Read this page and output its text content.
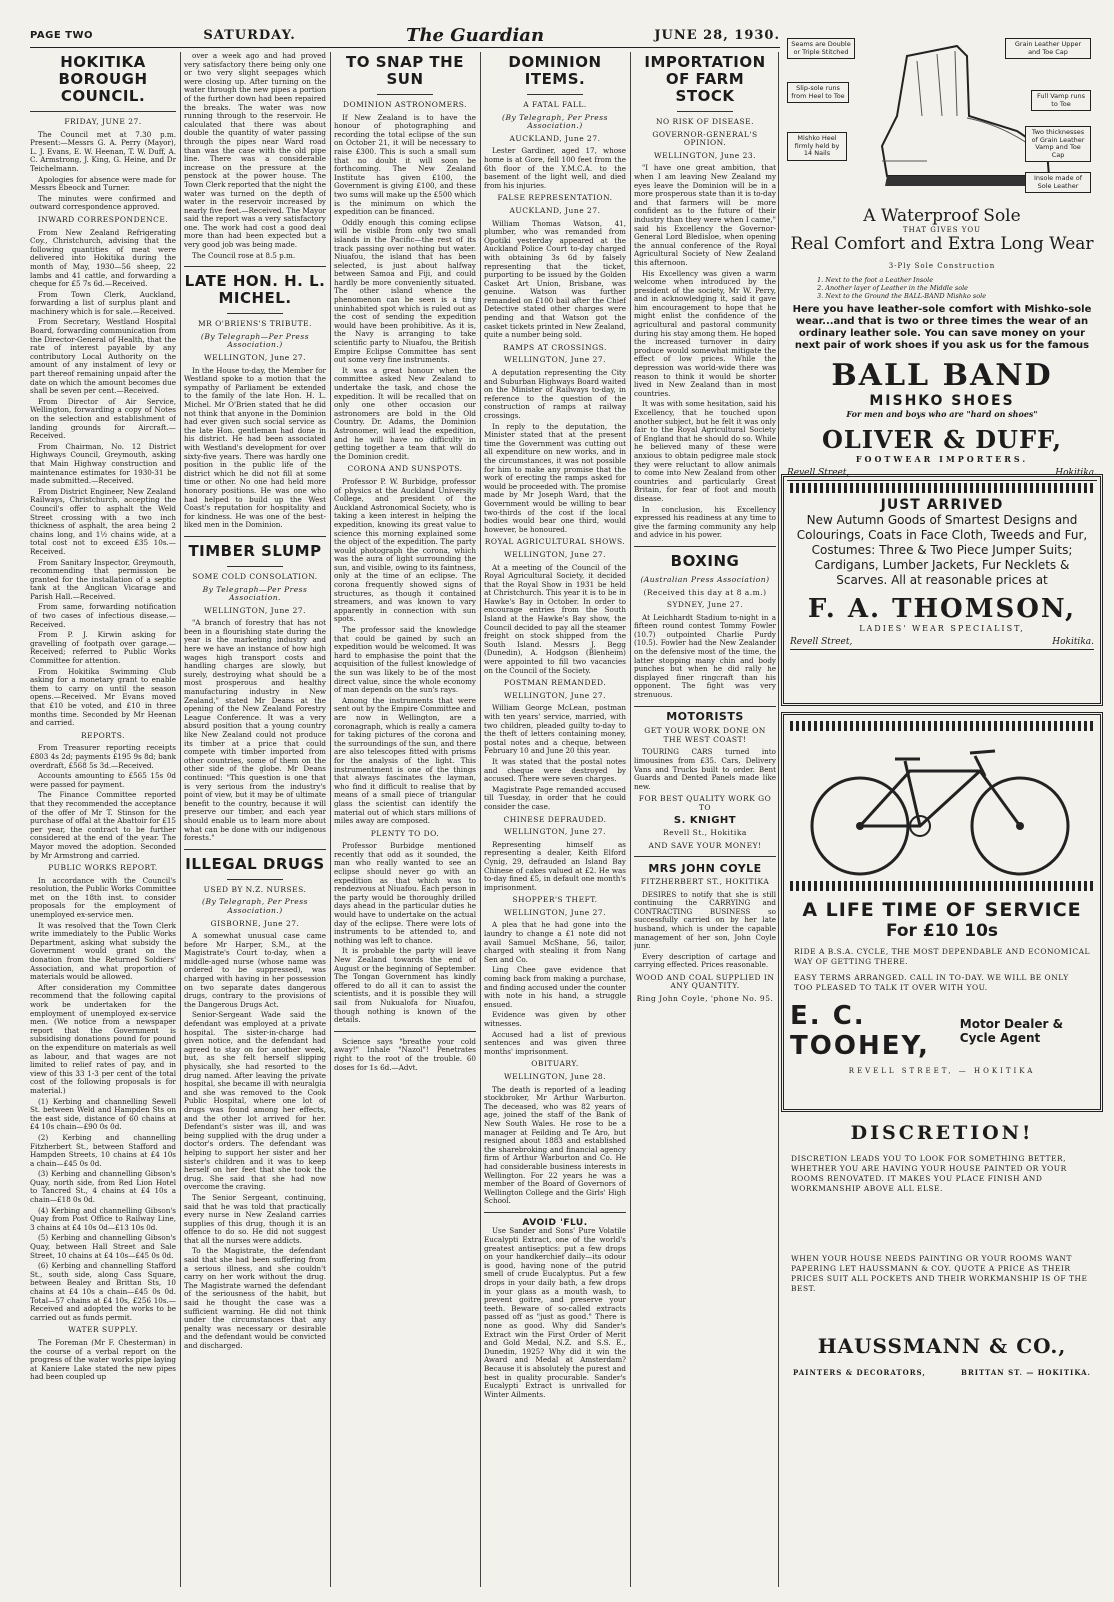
PAGE TWO	SATURDAY.	The Guardian	JUNE 28, 1930.
HOKITIKA BOROUGH COUNCIL.
FRIDAY, JUNE 27.

The Council met at 7.30 p.m. Present:—Messrs G. A. Perry (Mayor), L. J. Evans, E. W. Heenan, T. W. Duff, A. C. Armstrong, J. King, G. Heine, and Dr Teichelmann.

Apologies for absence were made for Messrs Ebeock and Turner.

The minutes were confirmed and outward correspondence approved.

INWARD CORRESPONDENCE.

From New Zealand Refrigerating Coy., Christchurch, advising that the following quantities of meat were delivered into Hokitika during the month of May, 1930—56 sheep, 22 lambs and 41 cattle, and forwarding a cheque for £5 7s 6d.—Received.

From Town Clerk, Auckland, forwarding a list of surplus plant and machinery which is for sale.—Received.

From Secretary, Westland Hospital Board, forwarding communication from the Director-General of Health, that the rate of interest payable by any contributory Local Authority on the amount of any instalment of levy or part thereof remaining unpaid after the date on which the amount becomes due shall be seven per cent.—Received.

From Director of Air Service, Wellington, forwarding a copy of Notes on the selection and establishment of landing grounds for Aircraft.—Received.

From Chairman, No. 12 District Highways Council, Greymouth, asking that Main Highway construction and maintenance estimates for 1930-31 be made submitted.—Received.

From District Engineer, New Zealand Railways, Christchurch, accepting the Council's offer to asphalt the Weld Street crossing with a two inch thickness of asphalt, the area being 2 chains long, and 1½ chains wide, at a total cost not to exceed £35 10s.—Received.

From Sanitary Inspector, Greymouth, recommending that permission be granted for the installation of a septic tank at the Anglican Vicarage and Parish Hall.—Received.

From same, forwarding notification of two cases of infectious disease.—Received.

From P. J. Kirwin asking for gravelling of footpath over garage.—Received; referred to Public Works Committee for attention.

From Hokitika Swimming Club asking for a monetary grant to enable them to carry on until the season opens.—Received. Mr Evans moved that £10 be voted, and £10 in three months time. Seconded by Mr Heenan and carried.

REPORTS.

From Treasurer reporting receipts £803 4s 2d; payments £195 9s 8d; bank overdraft, £568 5s 3d.—Received.

Accounts amounting to £565 15s 0d were passed for payment.

The Finance Committee reported that they recommended the acceptance of the offer of Mr T. Stinson for the purchase of offal at the Abattoir for £15 per year, the contract to be further considered at the end of the year. The Mayor moved the adoption. Seconded by Mr Armstrong and carried.

PUBLIC WORKS REPORT.

In accordance with the Council's resolution, the Public Works Committee met on the 18th inst. to consider proposals for the employment of unemployed ex-service men.

It was resolved that the Town Clerk write immediately to the Public Works Department, asking what subsidy the Government would grant on the donation from the Returned Soldiers' Association, and what proportion of materials would be allowed.

After consideration my Committee recommend that the following capital work be undertaken for the employment of unemployed ex-service men. (We notice from a newspaper report that the Government is subsidising donations pound for pound on the expenditure on materials as well as labour, and that wages are not limited to relief rates of pay, and in view of this 33 1-3 per cent of the total cost of the following proposals is for material.)

(1) Kerbing and channelling Sewell St. between Weld and Hampden Sts on the east side, distance of 60 chains at £4 10s chain—£90 0s 0d.

(2) Kerbing and channelling Fitzherbert St., between Stafford and Hampden Streets, 10 chains at £4 10s a chain—£45 0s 0d.

(3) Kerbing and channelling Gibson's Quay, north side, from Red Lion Hotel to Tancred St., 4 chains at £4 10s a chain—£18 0s 0d.

(4) Kerbing and channelling Gibson's Quay from Post Office to Railway Line, 3 chains at £4 10s 0d—£13 10s 0d.

(5) Kerbing and channelling Gibson's Quay, between Hall Street and Sale Street, 10 chains at £4 10s—£45 0s 0d.

(6) Kerbing and channelling Stafford St., south side, along Cass Square, between Bealey and Brittan Sts, 10 chains at £4 10s a chain—£45 0s 0d. Total—57 chains at £4 10s, £256 10s.—Received and adopted the works to be carried out as funds permit.

WATER SUPPLY.

The Foreman (Mr F. Chesterman) in the course of a verbal report on the progress of the water works pipe laying at Kaniere Lake stated the new pipes had been coupled up

over a week ago and had proved very satisfactory there being only one or two very slight seepages which were closing up. After turning on the water through the new pipes a portion of the further down had been repaired the breaks. The water was now running through to the reservoir. He calculated that there was about double the quantity of water passing through the pipes near Ward road than was the case with the old pipe line. There was a considerable increase on the pressure at the penstock at the power house. The Town Clerk reported that the night the water was turned on the depth of water in the reservoir increased by nearly five feet.—Received. The Mayor said the report was a very satisfactory one. The work had cost a good deal more than had been expected but a very good job was being made.

The Council rose at 8.5 p.m.

LATE HON. H. L. MICHEL.
MR O'BRIENS'S TRIBUTE.
(By Telegraph—Per Press Association.)
WELLINGTON, June 27.

In the House to-day, the Member for Westland spoke to a motion that the sympathy of Parliament be extended to the family of the late Hon. H. L. Michel. Mr O'Brien stated that he did not think that anyone in the Dominion had ever given such social service as the late Hon. gentleman had done in his district. He had been associated with Westland's development for over sixty-five years. There was hardly one position in the public life of the district which he did not fill at some time or other. No one had held more honorary positions. He was one who had helped to build up the West Coast's reputation for hospitality and for kindness. He was one of the best-liked men in the Dominion.

TIMBER SLUMP
SOME COLD CONSOLATION.
By Telegraph—Per Press Association.
WELLINGTON, June 27.

"A branch of forestry that has not been in a flourishing state during the year is the marketing industry and here we have an instance of how high wages high transport costs and handling charges are slowly, but surely, destroying what should be a most prosperous and healthy manufacturing industry in New Zealand," stated Mr Deans at the opening of the New Zealand Forestry League Conference. It was a very absurd position that a young country like New Zealand could not produce its timber at a price that could compete with timber imported from other countries, some of them on the other side of the globe. Mr Deans continued: "This question is one that is very serious from the industry's point of view, but it may be of ultimate benefit to the country, because it will preserve our timber, and each year should enable us to learn more about what can be done with our indigenous forests."

ILLEGAL DRUGS
USED BY N.Z. NURSES.
(By Telegraph, Per Press Association.)
GISBORNE, June 27.

A somewhat unusual case came before Mr Harper, S.M., at the Magistrate's Court to-day, when a middle-aged nurse (whose name was ordered to be suppressed), was charged with having in her possession on two separate dates dangerous drugs, contrary to the provisions of the Dangerous Drugs Act.

Senior-Sergeant Wade said the defendant was employed at a private hospital. The sister-in-charge had given notice, and the defendant had agreed to stay on for another week, but, as she felt herself slipping physically, she had resorted to the drug named. After leaving the private hospital, she became ill with neuralgia and she was removed to the Cook Public Hospital, where one lot of drugs was found among her effects, and the other lot arrived for her. Defendant's sister was ill, and was being supplied with the drug under a doctor's orders. The defendant was helping to support her sister and her sister's children and it was to keep herself on her feet that she took the drug. She said that she had now overcome the craving.

The Senior Sergeant, continuing, said that he was told that practically every nurse in New Zealand carries supplies of this drug, though it is an offence to do so. He did not suggest that all the nurses were addicts.

To the Magistrate, the defendant said that she had been suffering from a serious illness, and she couldn't carry on her work without the drug. The Magistrate warned the defendant of the seriousness of the habit, but said he thought the case was a sufficient warning. He did not think under the circumstances that any penalty was necessary or desirable and the defendant would be convicted and discharged.

TO SNAP THE SUN
DOMINION ASTRONOMERS.

If New Zealand is to have the honour of photographing and recording the total eclipse of the sun on October 21, it will be necessary to raise £300. This is such a small sum that no doubt it will soon be forthcoming. The New Zealand Institute has given £100, the Government is giving £100, and these two sums will make up the £500 which is the minimum on which the expedition can be financed.

Oddly enough this coming eclipse will be visible from only two small islands in the Pacific—the rest of its track passing over nothing but water. Niuafou, the island that has been selected, is just about halfway between Samoa and Fiji, and could hardly be more conveniently situated. The other island whence the phenomenon can be seen is a tiny uninhabited spot which is ruled out as the cost of sending the expedition would have been prohibitive. As it is, the Navy is arranging to take scientific party to Niuafou, the British Empire Eclipse Committee has sent out some very fine instruments.

It was a great honour when the committee asked New Zealand to undertake the task, and chose the expedition. It will be recalled that on only one other occasion our astronomers are bold in the Old Country. Dr. Adams, the Dominion Astronomer, will lead the expedition, and he will have no difficulty in getting together a team that will do the Dominion credit.

CORONA AND SUNSPOTS.

Professor P. W. Burbidge, professor of physics at the Auckland University College, and president of the Auckland Astronomical Society, who is taking a keen interest in helping the expedition, knowing its great value to science this morning explained some the object of the expedition. The party would photograph the corona, which was the aura of light surrounding the sun, and visible, owing to its faintness, only at the time of an eclipse. The corona frequently showed signs of structures, as though it contained streamers, and was known to vary apparently in connection with sun spots.

The professor said the knowledge that could be gained by such an expedition would be welcomed. It was hard to emphasise the point that the acquisition of the fullest knowledge of the sun was likely to be of the most direct value, since the whole economy of man depends on the sun's rays.

Among the instruments that were sent out by the Empire Committee and are now in Wellington, are a coronagraph, which is really a camera for taking pictures of the corona and the surroundings of the sun, and there are also telescopes fitted with prisms for the analysis of the light. This instrumentment is one of the things that always fascinates the layman, who find it difficult to realise that by means of a small piece of triangular glass the scientist can identify the material out of which stars millions of miles away are composed.

PLENTY TO DO.

Professor Burbidge mentioned recently that odd as it sounded, the man who really wanted to see an eclipse should never go with an expedition as that which was to rendezvous at Niuafou. Each person in the party would be thoroughly drilled days ahead in the particular duties he would have to undertake on the actual day of the eclipse. There were lots of instruments to be attended to, and nothing was left to chance.

It is probable the party will leave New Zealand towards the end of August or the beginning of September. The Tongan Government has kindly offered to do all it can to assist the scientists, and it is possible they will sail from Nukualofa for Niuafou, though nothing is known of the details.

Science says "breathe your cold away!" Inhale "Nazol"! Penetrates right to the root of the trouble. 60 doses for 1s 6d.—Advt.

DOMINION ITEMS.
A FATAL FALL.
(By Telegraph, Per Press Association.)
AUCKLAND, June 27.

Lester Gardiner, aged 17, whose home is at Gore, fell 100 feet from the 6th floor of the Y.M.C.A. to the basement of the light well, and died from his injuries.

FALSE REPRESENTATION.
AUCKLAND, June 27.

William Thomas Watson, 41, plumber, who was remanded from Opotiki yesterday appeared at the Auckland Police Court to-day charged with obtaining 3s 6d by falsely representing that the ticket, purporting to be issued by the Golden Casket Art Union, Brisbane, was genuine. Watson was further remanded on £100 bail after the Chief Detective stated other charges were pending and that Watson got the casket tickets printed in New Zealand, quite a number being sold.

RAMPS AT CROSSINGS.
WELLINGTON, June 27.

A deputation representing the City and Suburban Highways Board waited on the Minister of Railways to-day, in reference to the question of the construction of ramps at railway crossings.

In reply to the deputation, the Minister stated that at the present time the Government was cutting out all expenditure on new works, and in the circumstances, it was not possible for him to make any promise that the work of erecting the ramps asked for would be proceeded with. The promise made by Mr Joseph Ward, that the Government would be willing to bear two-thirds of the cost if the local bodies would bear one third, would however, be honoured.

ROYAL AGRICULTURAL SHOWS.
WELLINGTON, June 27.

At a meeting of the Council of the Royal Agricultural Society, it decided that the Royal Show in 1931 be held at Christchurch. This year it is to be in Hawke's Bay in October. In order to encourage entries from the South Island at the Hawke's Bay show, the Council decided to pay all the steamer freight on stock shipped from the South Island. Messrs J. Begg (Dunedin), A. Hodgson (Blenheim) were appointed to fill two vacancies on the Council of the Society.

POSTMAN REMANDED.
WELLINGTON, June 27.

William George McLean, postman with ten years' service, married, with two children, pleaded guilty to-day to the theft of letters containing money, postal notes and a cheque, between February 10 and June 20 this year.

It was stated that the postal notes and cheque were destroyed by accused. There were seven charges.

Magistrate Page remanded accused till Tuesday, in order that he could consider the case.

CHINESE DEFRAUDED.
WELLINGTON, June 27.

Representing himself as representing a dealer, Keith Elford Cynig, 29, defrauded an Island Bay Chinese of cakes valued at £2. He was to-day fined £5, in default one month's imprisonment.

SHOPPER'S THEFT.
WELLINGTON, June 27.

A plea that he had gone into the laundry to change a £1 note did not avail Samuel McShane, 56, tailor, charged with stealing it from Nang Sen and Co.

Ling Chee gave evidence that coming back from making a purchase, and finding accused under the counter with note in his hand, a struggle ensued.

Evidence was given by other witnesses.

Accused had a list of previous sentences and was given three months' imprisonment.

OBITUARY.
WELLINGTON, June 28.

The death is reported of a leading stockbroker, Mr Arthur Warburton. The deceased, who was 82 years of age, joined the staff of the Bank of New South Wales. He rose to be a manager at Feilding and Te Aro, but resigned about 1883 and established the sharebroking and financial agency firm of Arthur Warburton and Co. He had considerable business interests in Wellington. For 22 years he was a member of the Board of Governors of Wellington College and the Girls' High School.

AVOID 'FLU.

Use Sander and Sons' Pure Volatile Eucalypti Extract, one of the world's greatest antiseptics: put a few drops on your handkerchief daily—its odour is good, having none of the putrid smell of crude Eucalyptus. Put a few drops in your daily bath, a few drops in your glass as a mouth wash, to prevent goitre, and preserve your teeth. Beware of so-called extracts passed off as "just as good." There is none as good. Why did Sander's Extract win the First Order of Merit and Gold Medal, N.Z. and S.S. E., Dunedin, 1925? Why did it win the Award and Medal at Amsterdam? Because it is absolutely the purest and best in quality procurable. Sander's Eucalypti Extract is unrivalled for Winter Ailments.

IMPORTATION OF FARM STOCK
NO RISK OF DISEASE.
GOVERNOR-GENERAL'S OPINION.
WELLINGTON, June 23.

"I have one great ambition, that when I am leaving New Zealand my eyes leave the Dominion will be in a more prosperous state than it is to-day and that farmers will be more confident as to the future of their industry than they were when I came," said his Excellency the Governor-General Lord Bledisloe, when opening the annual conference of the Royal Agricultural Society of New Zealand this afternoon.

His Excellency was given a warm welcome when introduced by the president of the society, Mr W. Perry, and in acknowledging it, said it gave him encouragement to hope that he might enlist the confidence of the agricultural and pastoral community during his stay among them. He hoped the increased turnover in dairy produce would somewhat mitigate the effect of low prices. While the depression was world-wide there was reason to think it would be shorter lived in New Zealand than in most countries.

It was with some hesitation, said his Excellency, that he touched upon another subject, but he felt it was only fair to the Royal Agricultural Society of England that he should do so. While he believed many of these were anxious to obtain pedigree male stock they were reluctant to allow animals to come into New Zealand from other countries and particularly Great Britain, for fear of foot and mouth disease.

In conclusion, his Excellency expressed his readiness at any time to give the farming community any help and advice in his power.

BOXING
(Australian Press Association)
(Received this day at 8 a.m.)
SYDNEY, June 27.

At Leichhardt Stadium to-night in a fifteen round contest Tommy Fowler (10.7) outpointed Charlie Purdy (10.5). Fowler had the New Zealander on the defensive most of the time, the latter stopping many chin and body punches but when he did rally he displayed finer ringcraft than his opponent. The fight was very strenuous.

MOTORISTS
GET YOUR WORK DONE ON THE WEST COAST!

TOURING CARS turned into limousines from £35. Cars, Delivery Vans and Trucks built to order. Bent Guards and Dented Panels made like new.

FOR BEST QUALITY WORK GO TO
S. KNIGHT
Revell St., Hokitika
AND SAVE YOUR MONEY!
MRS JOHN COYLE
FITZHERBERT ST., HOKITIKA

DESIRES to notify that she is still continuing the CARRYING and CONTRACTING BUSINESS so successfully carried on by her late husband, which is under the capable management of her son, John Coyle junr.

Every description of cartage and carrying effected. Prices reasonable.

WOOD AND COAL SUPPLIED IN ANY QUANTITY.
Ring John Coyle, 'phone No. 95.
Seams are Double or Triple Stitched
Grain Leather Upper and Toe Cap
Slip-sole runs from Heel to Toe	Full Vamp runs to Toe
Two thicknesses of Grain Leather Vamp and Toe Cap
Mishko Heel firmly held by 14 Nails
Insole made of Sole Leather
A Waterproof Sole
THAT GIVES YOU
Real Comfort and Extra Long Wear
3-Ply Sole Construction
1. Next to the foot a Leather Insole
2. Another layer of Leather in the Middle sole
3. Next to the Ground the BALL-BAND Mishko sole
Here you have leather-sole comfort with Mishko-sole wear...and that is two or three times the wear of an ordinary leather sole. You can save money on your next pair of work shoes if you ask us for the famous
BALL BAND
MISHKO SHOES
For men and boys who are "hard on shoes"
OLIVER & DUFF,
FOOTWEAR IMPORTERS.
Revell Street,	Hokitika.
JUST ARRIVED
New Autumn Goods of Smartest Designs and Colourings, Coats in Face Cloth, Tweeds and Fur, Costumes: Three & Two Piece Jumper Suits; Cardigans, Lumber Jackets, Fur Necklets & Scarves. All at reasonable prices at
F. A. THOMSON,
LADIES' WEAR SPECIALIST,
Revell Street,	Hokitika.
A LIFE TIME OF SERVICE
For £10 10s
RIDE A B.S.A. CYCLE, THE MOST DEPENDABLE AND ECONOMICAL WAY OF GETTING THERE.
EASY TERMS ARRANGED. CALL IN TO-DAY. WE WILL BE ONLY TOO PLEASED TO TALK IT OVER WITH YOU.
E. C. TOOHEY,
Motor Dealer & Cycle Agent
REVELL STREET, — HOKITIKA
DISCRETION!
DISCRETION LEADS YOU TO LOOK FOR SOMETHING BETTER, WHETHER YOU ARE HAVING YOUR HOUSE PAINTED OR YOUR ROOMS RENOVATED. IT MAKES YOU PLACE FINISH AND WORKMANSHIP ABOVE ALL ELSE.
WHEN YOUR HOUSE NEEDS PAINTING OR YOUR ROOMS WANT PAPERING LET HAUSSMANN & COY. QUOTE A PRICE AS THEIR PRICES SUIT ALL POCKETS AND THEIR WORKMANSHIP IS OF THE BEST.
HAUSSMANN & CO.,
PAINTERS & DECORATORS,	BRITTAN ST. — HOKITIKA.
